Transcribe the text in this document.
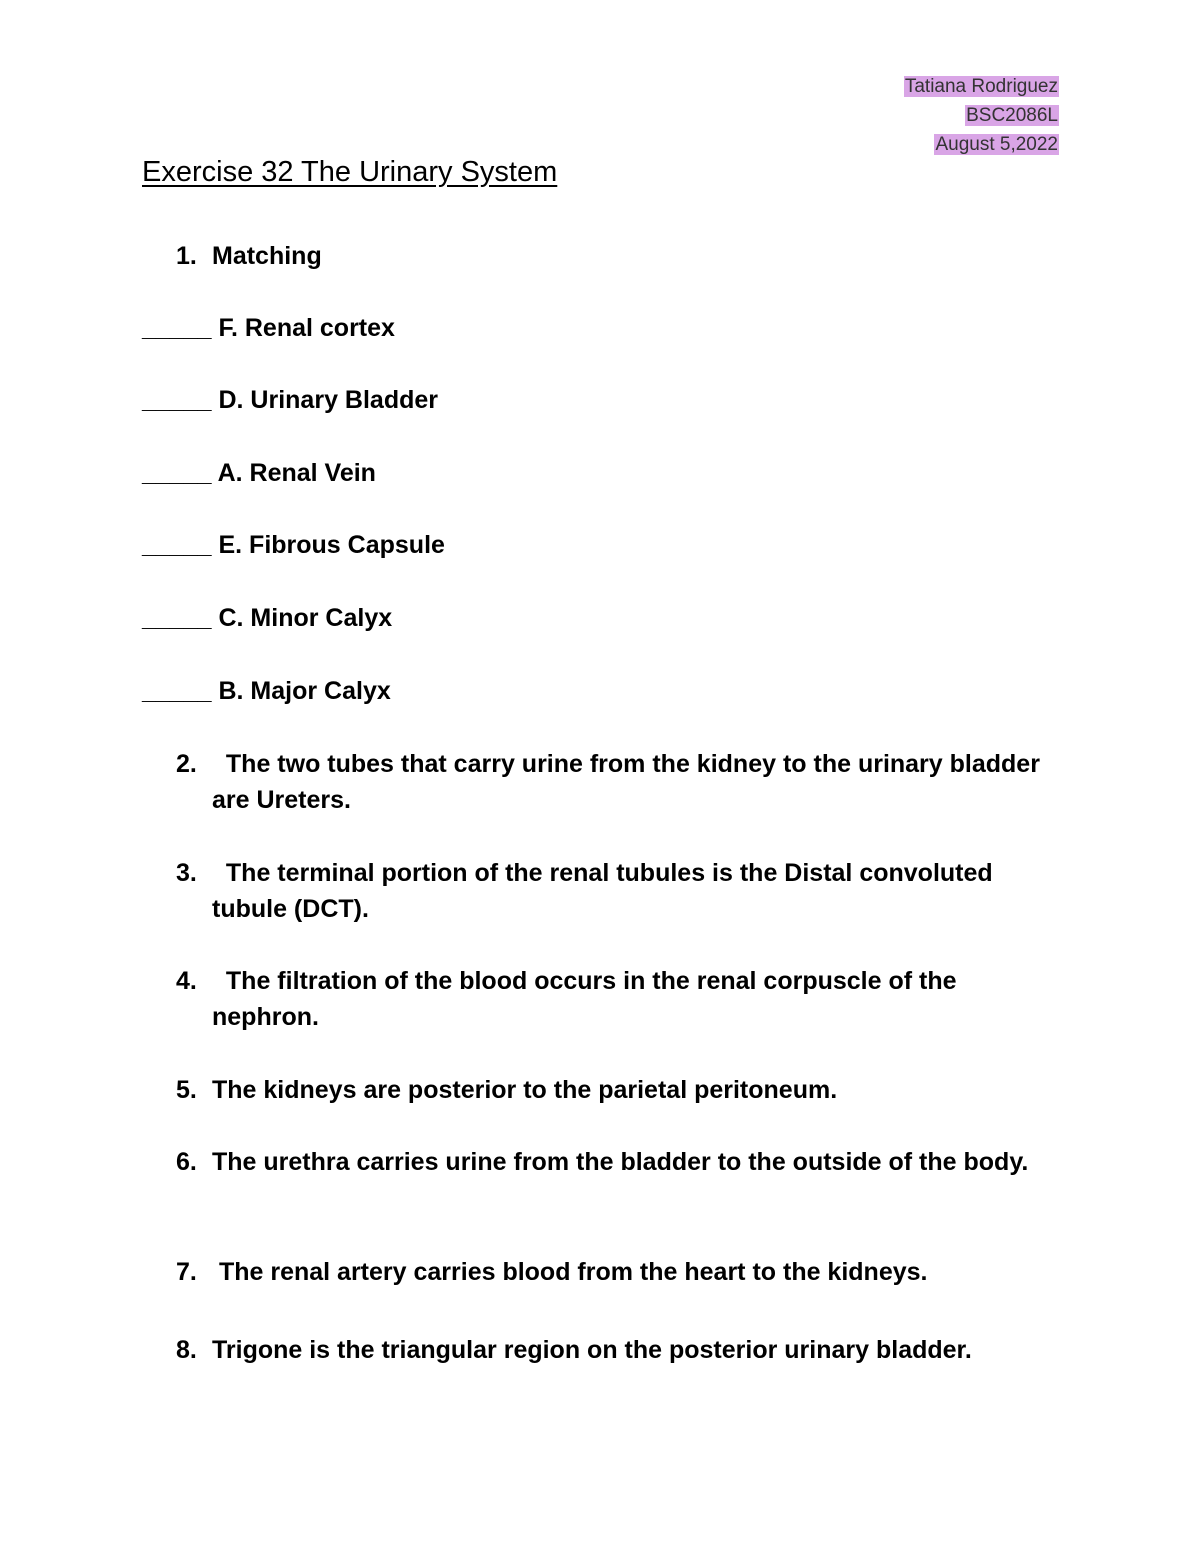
Tatiana Rodriguez
BSC2086L
August 5,2022
Exercise 32 The Urinary System
1. Matching
_____ F. Renal cortex
_____ D. Urinary Bladder
_____ A. Renal Vein
_____ E. Fibrous Capsule
_____ C. Minor Calyx
_____ B. Major Calyx
2. The two tubes that carry urine from the kidney to the urinary bladder are Ureters.
3. The terminal portion of the renal tubules is the Distal convoluted tubule (DCT).
4. The filtration of the blood occurs in the renal corpuscle of the nephron.
5. The kidneys are posterior to the parietal peritoneum.
6. The urethra carries urine from the bladder to the outside of the body.
7. The renal artery carries blood from the heart to the kidneys.
8. Trigone is the triangular region on the posterior urinary bladder.
